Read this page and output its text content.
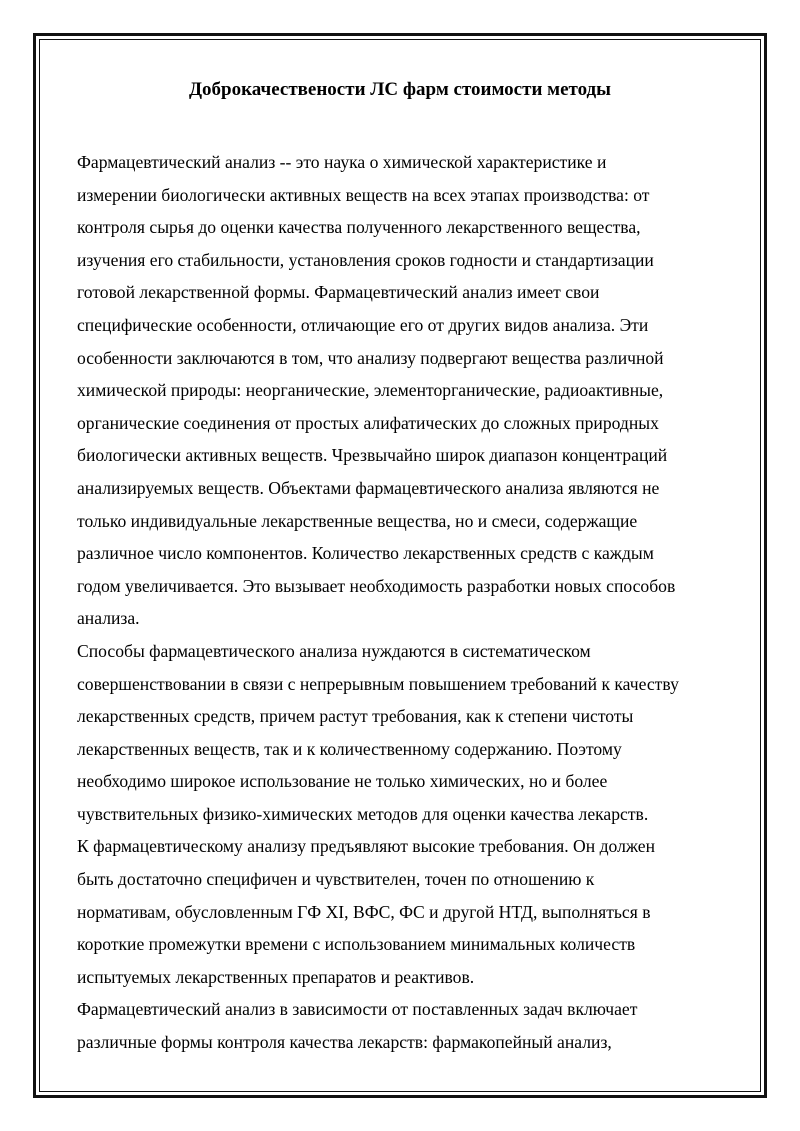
Доброкачествености ЛС фарм стоимости методы
Фармацевтический анализ -- это наука о химической характеристике и
измерении биологически активных веществ на всех этапах производства: от
контроля сырья до оценки качества полученного лекарственного вещества,
изучения его стабильности, установления сроков годности и стандартизации
готовой лекарственной формы. Фармацевтический анализ имеет свои
специфические особенности, отличающие его от других видов анализа. Эти
особенности заключаются в том, что анализу подвергают вещества различной
химической природы: неорганические, элементорганические, радиоактивные,
органические соединения от простых алифатических до сложных природных
биологически активных веществ. Чрезвычайно широк диапазон концентраций
анализируемых веществ. Объектами фармацевтического анализа являются не
только индивидуальные лекарственные вещества, но и смеси, содержащие
различное число компонентов. Количество лекарственных средств с каждым
годом увеличивается. Это вызывает необходимость разработки новых способов
анализа.
Способы фармацевтического анализа нуждаются в систематическом
совершенствовании в связи с непрерывным повышением требований к качеству
лекарственных средств, причем растут требования, как к степени чистоты
лекарственных веществ, так и к количественному содержанию. Поэтому
необходимо широкое использование не только химических, но и более
чувствительных физико-химических методов для оценки качества лекарств.
К фармацевтическому анализу предъявляют высокие требования. Он должен
быть достаточно специфичен и чувствителен, точен по отношению к
нормативам, обусловленным ГФ XI, ВФС, ФС и другой НТД, выполняться в
короткие промежутки времени с использованием минимальных количеств
испытуемых лекарственных препаратов и реактивов.
Фармацевтический анализ в зависимости от поставленных задач включает
различные формы контроля качества лекарств: фармакопейный анализ,
